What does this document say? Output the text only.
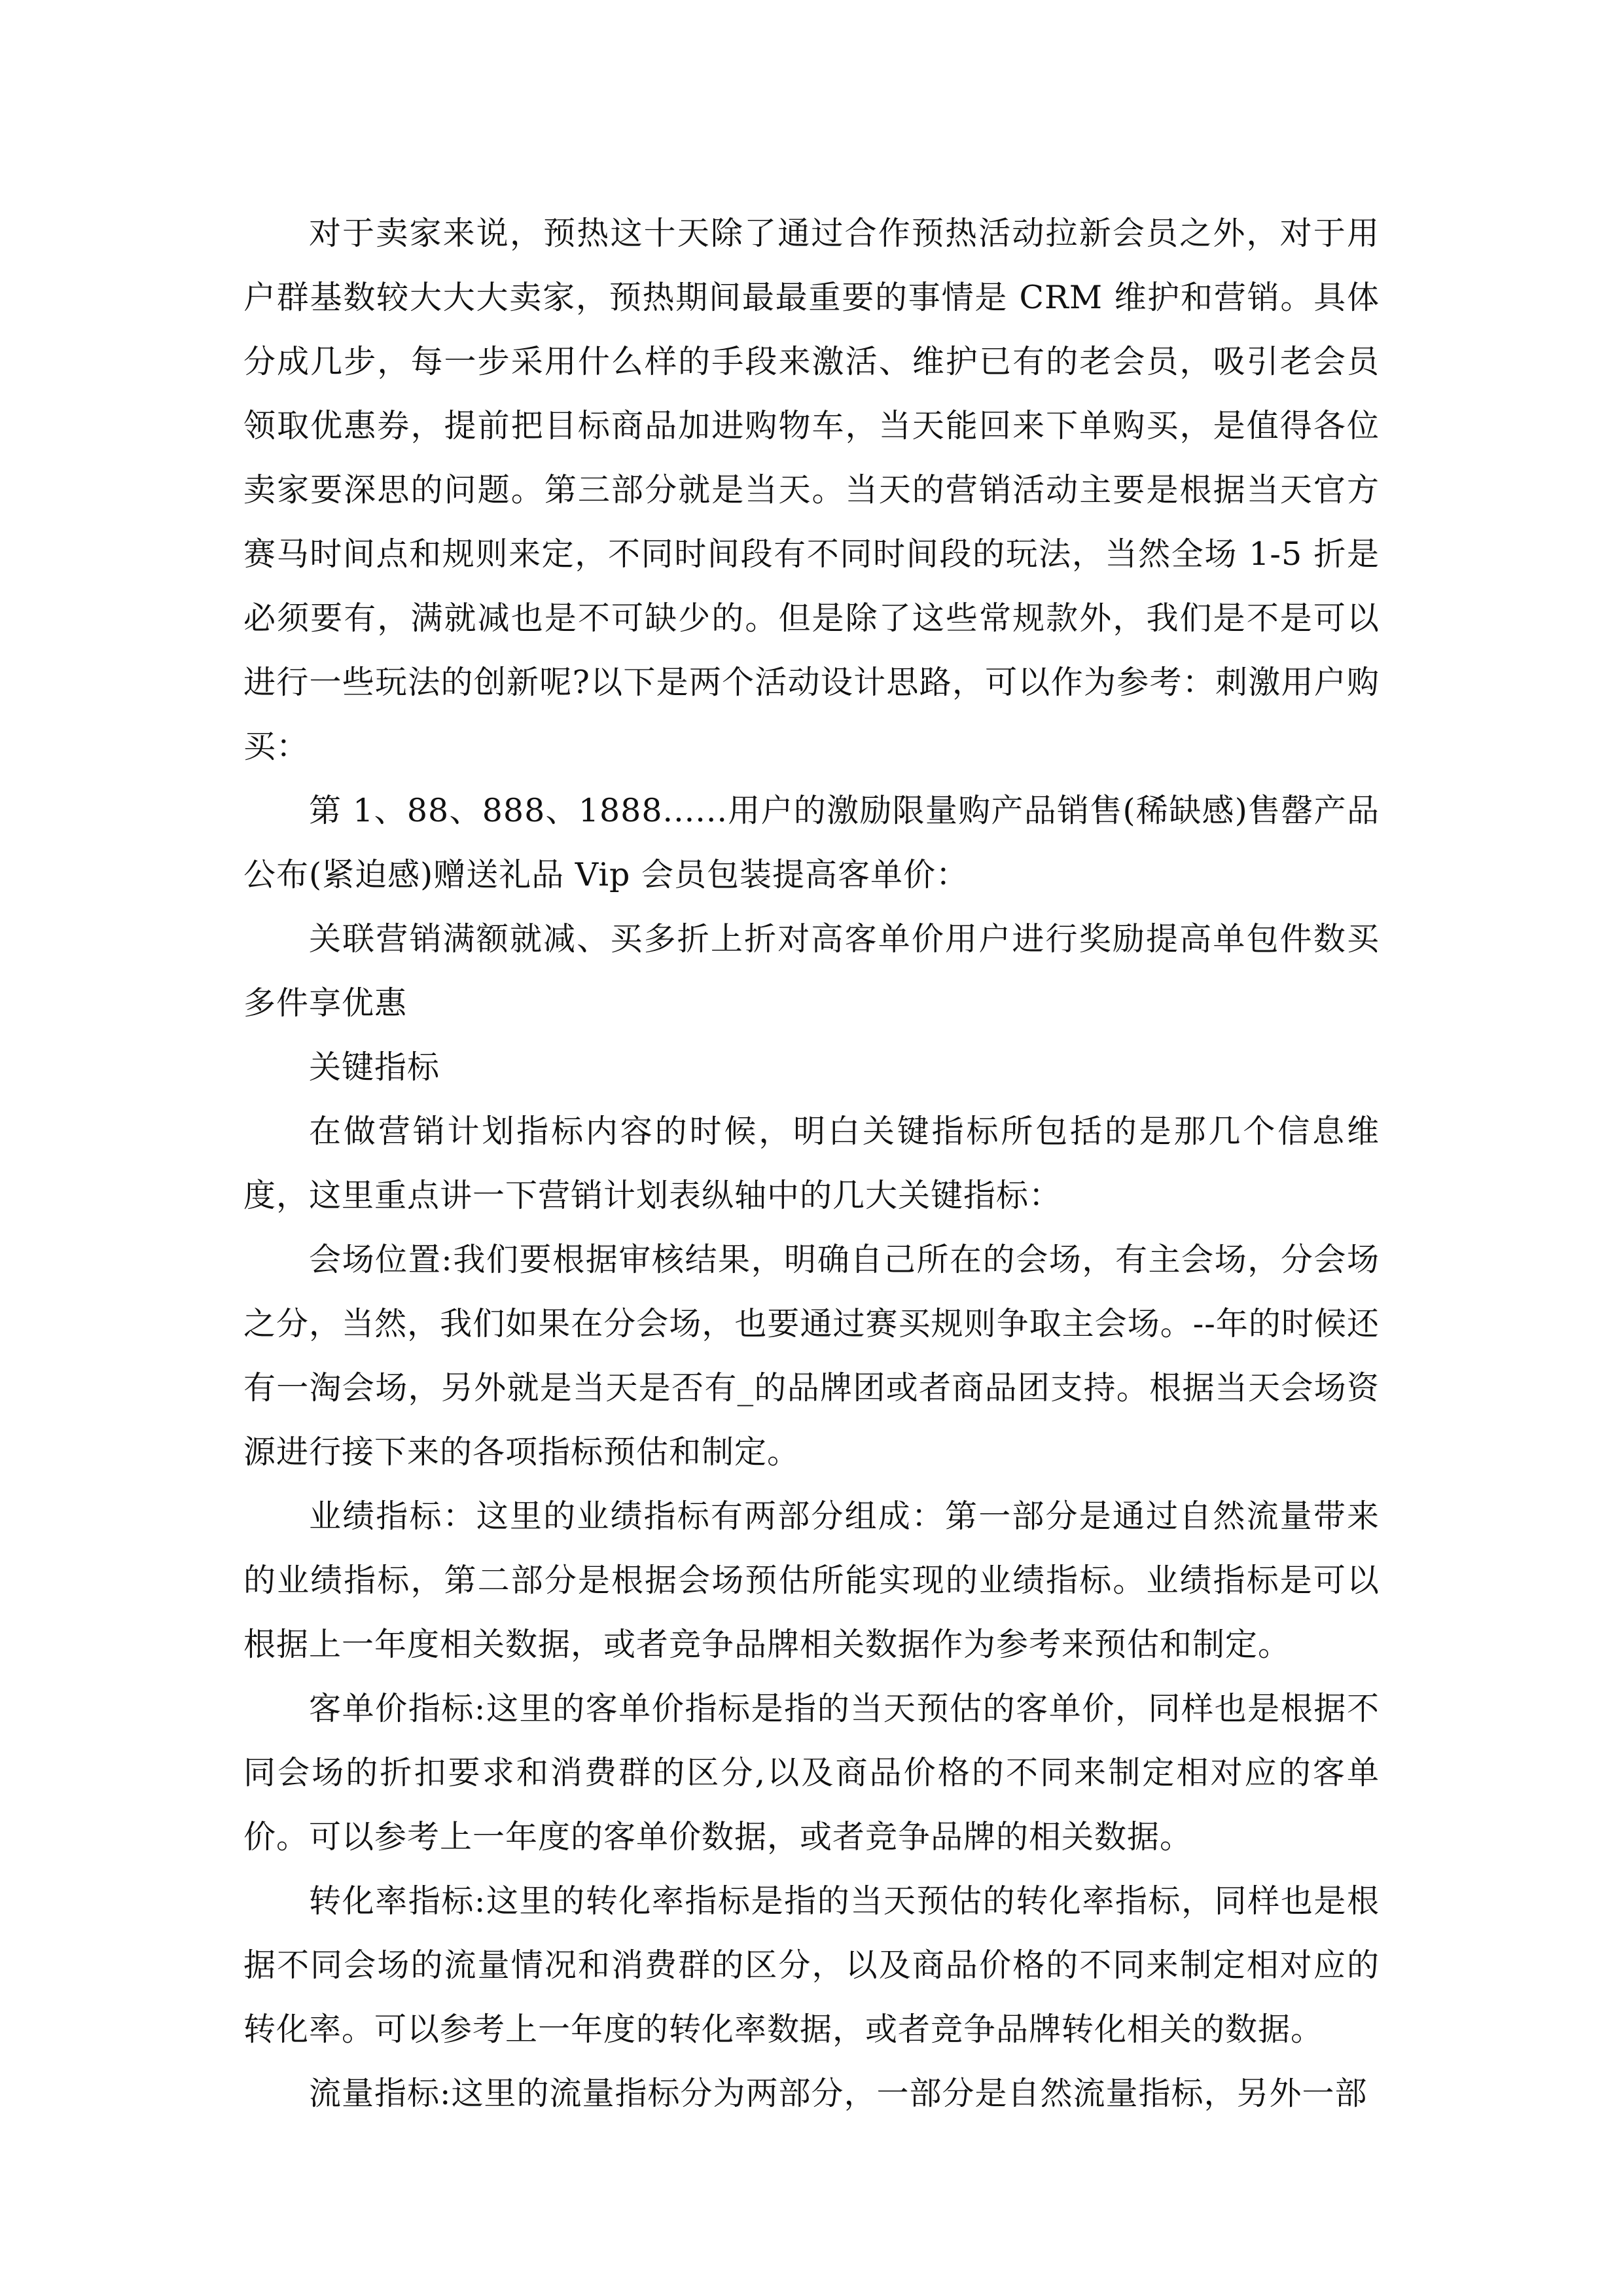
对于卖家来说，预热这十天除了通过合作预热活动拉新会员之外，对于用户群基数较大大大卖家，预热期间最最重要的事情是 CRM 维护和营销。具体分成几步，每一步采用什么样的手段来激活、维护已有的老会员，吸引老会员领取优惠券，提前把目标商品加进购物车，当天能回来下单购买，是值得各位卖家要深思的问题。第三部分就是当天。当天的营销活动主要是根据当天官方赛马时间点和规则来定，不同时间段有不同时间段的玩法，当然全场 1-5 折是必须要有，满就减也是不可缺少的。但是除了这些常规款外，我们是不是可以进行一些玩法的创新呢?以下是两个活动设计思路，可以作为参考：刺激用户购买：

第 1、88、888、1888......用户的激励限量购产品销售(稀缺感)售罄产品公布(紧迫感)赠送礼品 Vip 会员包装提高客单价：

关联营销满额就减、买多折上折对高客单价用户进行奖励提高单包件数买多件享优惠

关键指标

在做营销计划指标内容的时候，明白关键指标所包括的是那几个信息维度，这里重点讲一下营销计划表纵轴中的几大关键指标：

会场位置:我们要根据审核结果，明确自己所在的会场，有主会场，分会场之分，当然，我们如果在分会场，也要通过赛买规则争取主会场。--年的时候还有一淘会场，另外就是当天是否有_的品牌团或者商品团支持。根据当天会场资源进行接下来的各项指标预估和制定。

业绩指标：这里的业绩指标有两部分组成：第一部分是通过自然流量带来的业绩指标，第二部分是根据会场预估所能实现的业绩指标。业绩指标是可以根据上一年度相关数据，或者竞争品牌相关数据作为参考来预估和制定。

客单价指标:这里的客单价指标是指的当天预估的客单价，同样也是根据不同会场的折扣要求和消费群的区分,以及商品价格的不同来制定相对应的客单价。可以参考上一年度的客单价数据，或者竞争品牌的相关数据。

转化率指标:这里的转化率指标是指的当天预估的转化率指标，同样也是根据不同会场的流量情况和消费群的区分，以及商品价格的不同来制定相对应的转化率。可以参考上一年度的转化率数据，或者竞争品牌转化相关的数据。

流量指标:这里的流量指标分为两部分，一部分是自然流量指标，另外一部
